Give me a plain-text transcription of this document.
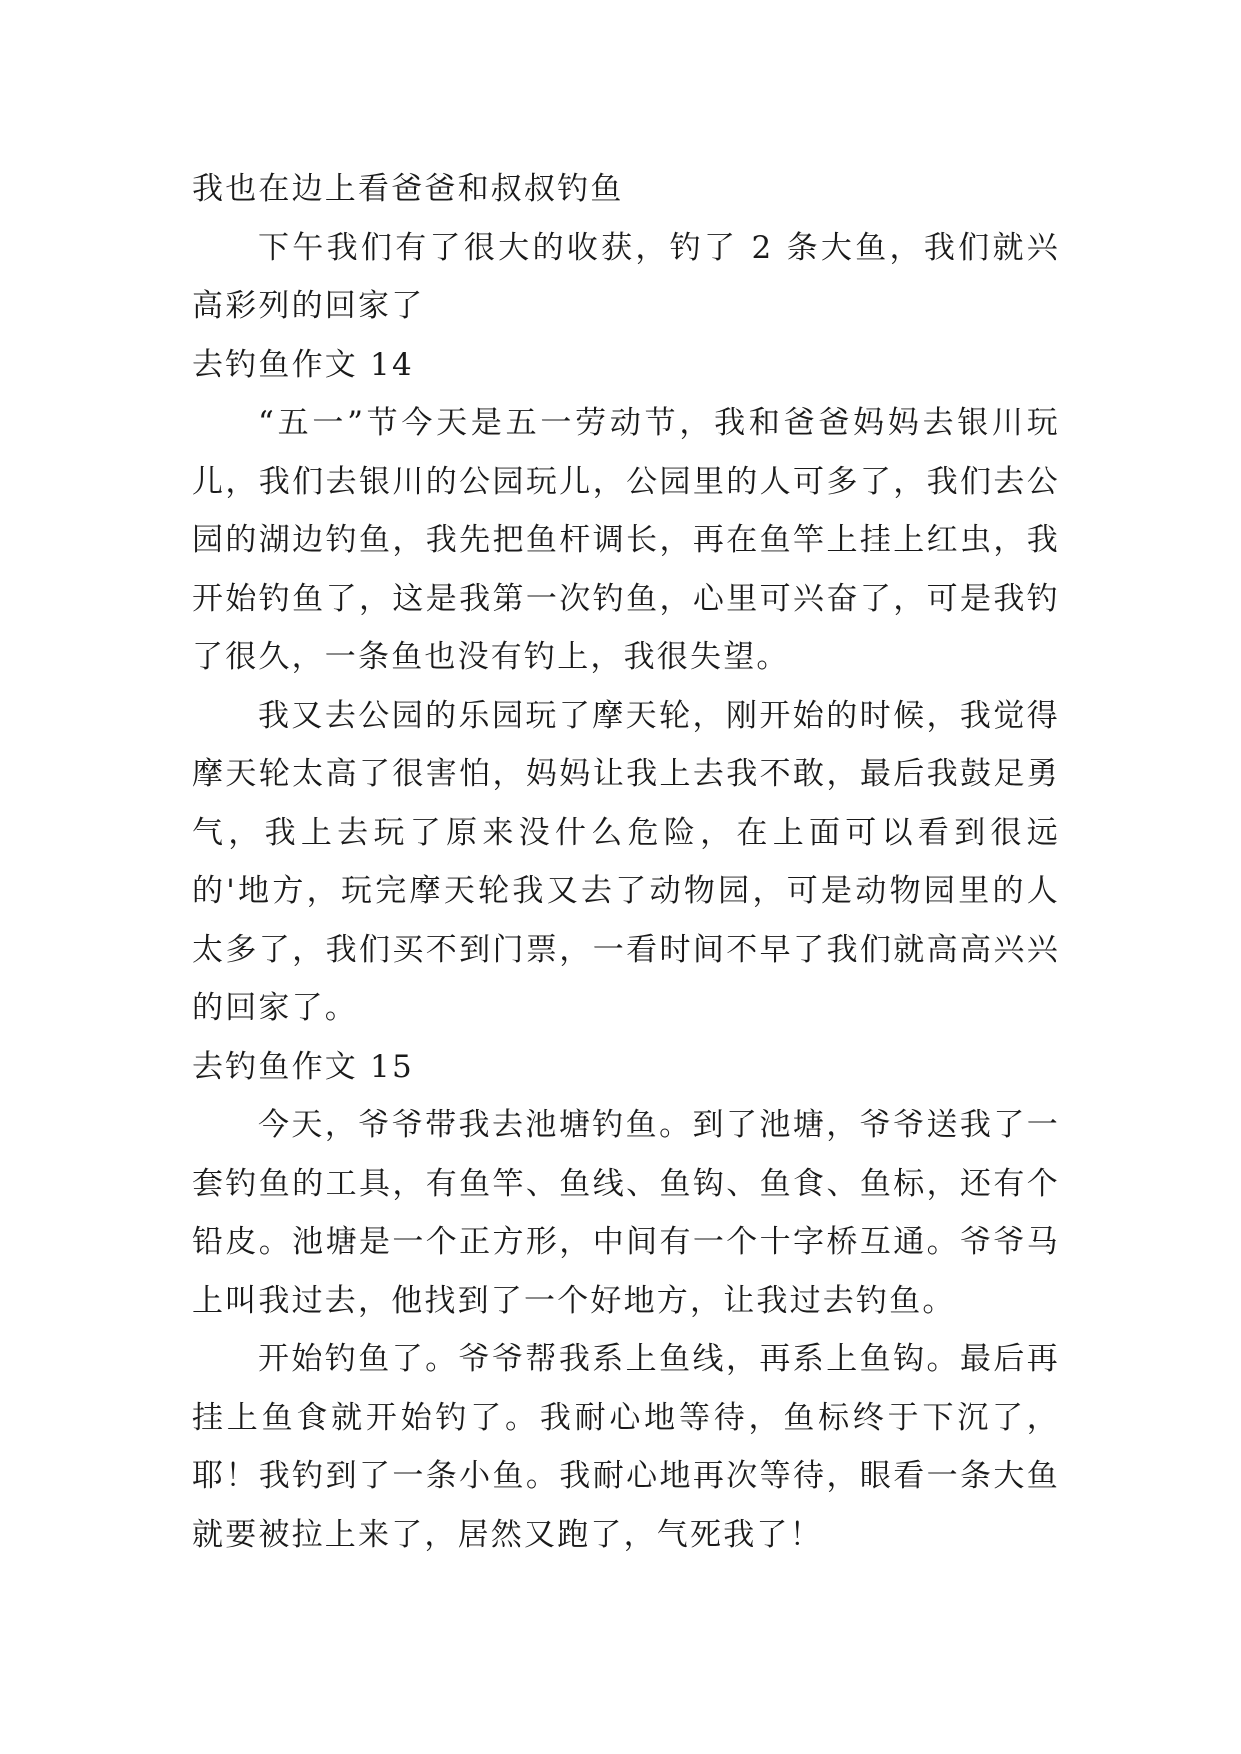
我也在边上看爸爸和叔叔钓鱼

下午我们有了很大的收获，钓了 2 条大鱼，我们就兴高彩列的回家了

去钓鱼作文 14

“五一”节今天是五一劳动节，我和爸爸妈妈去银川玩儿，我们去银川的公园玩儿，公园里的人可多了，我们去公园的湖边钓鱼，我先把鱼杆调长，再在鱼竿上挂上红虫，我开始钓鱼了，这是我第一次钓鱼，心里可兴奋了，可是我钓了很久，一条鱼也没有钓上，我很失望。

我又去公园的乐园玩了摩天轮，刚开始的时候，我觉得摩天轮太高了很害怕，妈妈让我上去我不敢，最后我鼓足勇气，我上去玩了原来没什么危险，在上面可以看到很远的'地方，玩完摩天轮我又去了动物园，可是动物园里的人太多了，我们买不到门票，一看时间不早了我们就高高兴兴的回家了。

去钓鱼作文 15

今天，爷爷带我去池塘钓鱼。到了池塘，爷爷送我了一套钓鱼的工具，有鱼竿、鱼线、鱼钩、鱼食、鱼标，还有个铅皮。池塘是一个正方形，中间有一个十字桥互通。爷爷马上叫我过去，他找到了一个好地方，让我过去钓鱼。

开始钓鱼了。爷爷帮我系上鱼线，再系上鱼钩。最后再挂上鱼食就开始钓了。我耐心地等待，鱼标终于下沉了，耶！我钓到了一条小鱼。我耐心地再次等待，眼看一条大鱼就要被拉上来了，居然又跑了，气死我了！
